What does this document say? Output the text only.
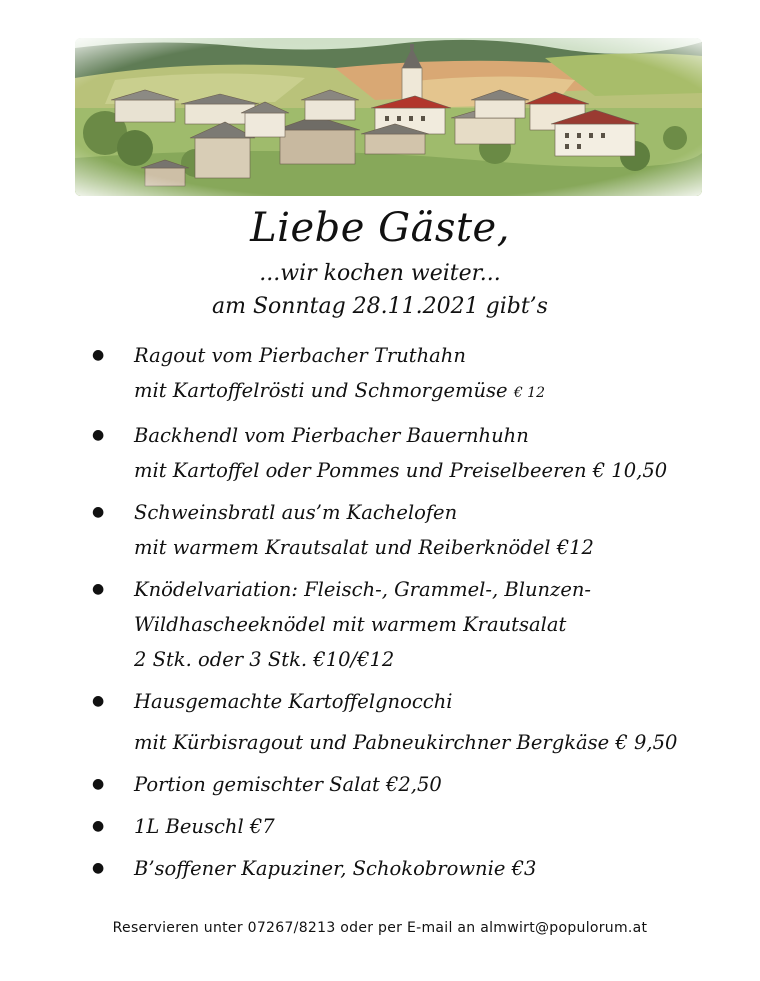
Liebe Gäste,
...wir kochen weiter...
am Sonntag 28.11.2021 gibt’s
● Ragout vom Pierbacher Truthahn
mit Kartoffelrösti und Schmorgemüse € 12
● Backhendl vom Pierbacher Bauernhuhn
mit Kartoffel oder Pommes und Preiselbeeren € 10,50
● Schweinsbratl aus’m Kachelofen
mit warmem Krautsalat und Reiberknödel €12
● Knödelvariation: Fleisch-, Grammel-, Blunzen-
Wildhascheeknödel mit warmem Krautsalat
2 Stk. oder 3 Stk. €10/€12
● Hausgemachte Kartoffelgnocchi
mit Kürbisragout und Pabneukirchner Bergkäse € 9,50
● Portion gemischter Salat €2,50
● 1L Beuschl €7
● B’soffener Kapuziner, Schokobrownie €3
Reservieren unter 07267/8213 oder per E-mail an almwirt@populorum.at
